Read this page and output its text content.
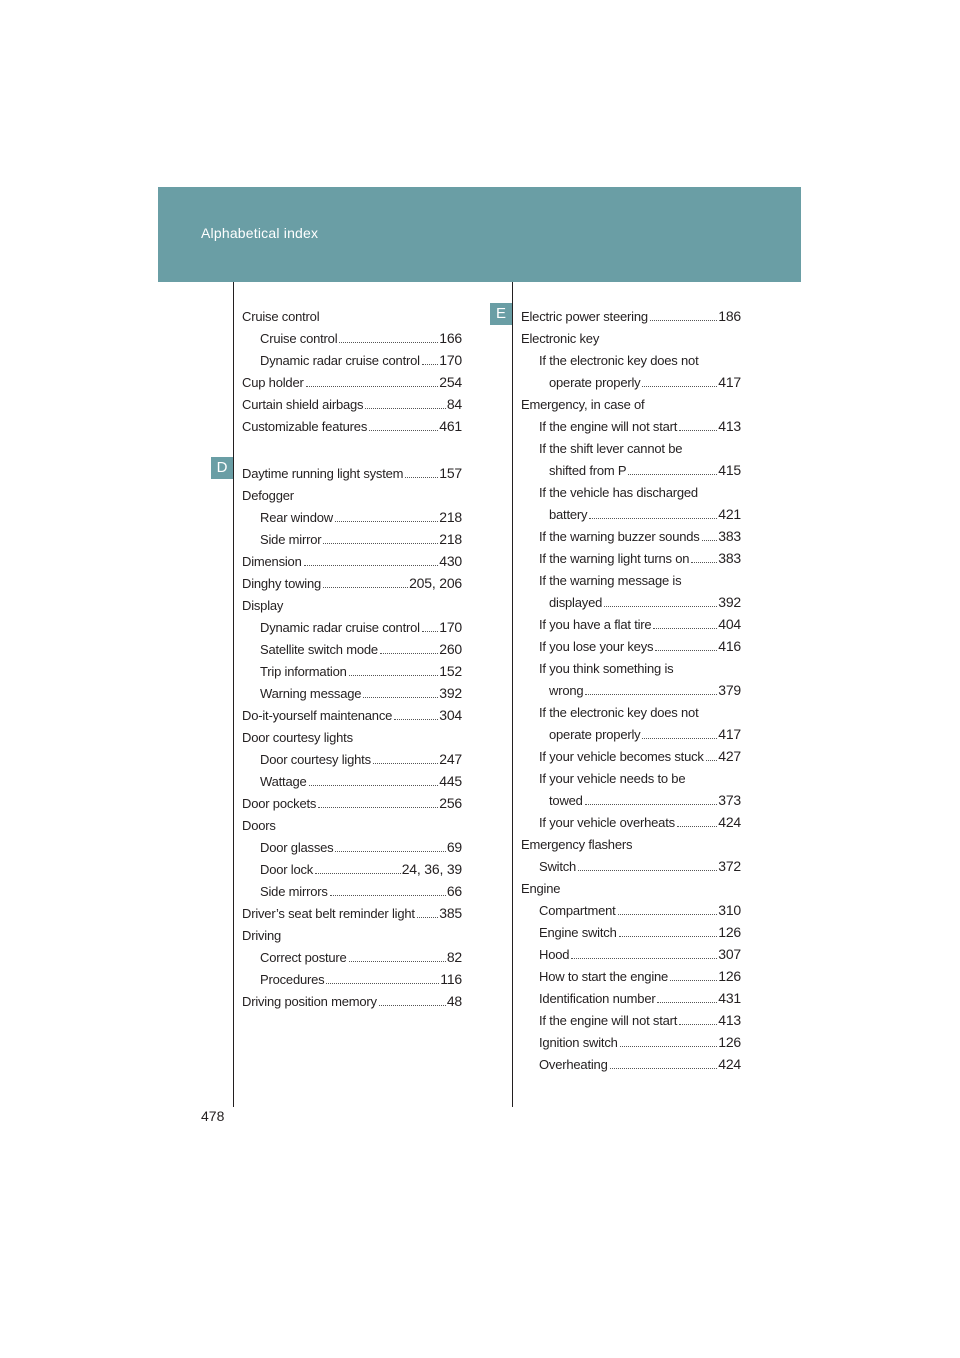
Alphabetical index
D
E
Cruise control
Cruise control	166
Dynamic radar cruise control 170
Cup holder	254
Curtain shield airbags	84
Customizable features	461
Daytime running light system	157
Defogger
Rear window	218
Side mirror	218
Dimension	430
Dinghy towing	205, 206
Display
Dynamic radar cruise control 170
Satellite switch mode	260
Trip information	152
Warning message	392
Do-it-yourself maintenance	304
Door courtesy lights
Door courtesy lights	247
Wattage	445
Door pockets	256
Doors
Door glasses	69
Door lock	24, 36, 39
Side mirrors	66
Driver’s seat belt reminder light 385
Driving
Correct posture	82
Procedures	116
Driving position memory	48
Electric power steering	186
Electronic key
If the electronic key does not
operate properly	417
Emergency, in case of
If the engine will not start	413
If the shift lever cannot be
shifted from P	415
If the vehicle has discharged
battery	421
If the warning buzzer sounds 383
If the warning light turns on 383
If the warning message is
displayed	392
If you have a flat tire	404
If you lose your keys	416
If you think something is
wrong	379
If the electronic key does not
operate properly	417
If your vehicle becomes stuck 427
If your vehicle needs to be
towed	373
If your vehicle overheats	424
Emergency flashers
Switch	372
Engine
Compartment	310
Engine switch	126
Hood	307
How to start the engine	126
Identification number	431
If the engine will not start	413
Ignition switch	126
Overheating	424
478
